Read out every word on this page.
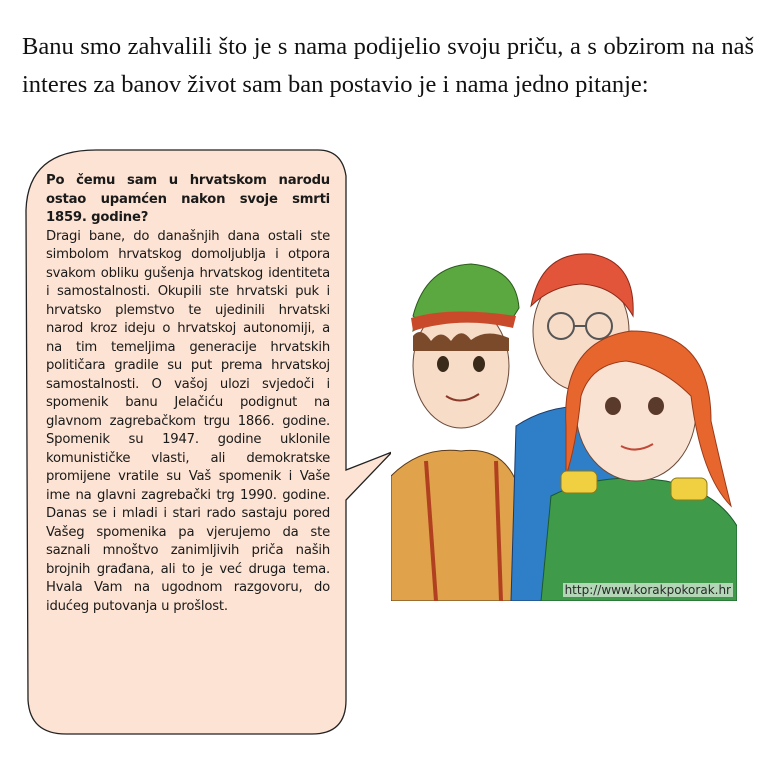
Banu smo zahvalili što je s nama podijelio svoju priču, a s obzirom na naš interes za banov život sam ban postavio je i nama jedno pitanje:
Po čemu sam u hrvatskom narodu ostao upamćen nakon svoje smrti 1859. godine?
Dragi bane, do današnjih dana ostali ste simbolom hrvatskog domoljublja i otpora svakom obliku gušenja hrvatskog identiteta i samostalnosti. Okupili ste hrvatski puk i hrvatsko plemstvo te ujedinili hrvatski narod kroz ideju o hrvatskoj autonomiji, a na tim temeljima generacije hrvatskih političara gradile su put prema hrvatskoj samostalnosti. O vašoj ulozi svjedoči i spomenik banu Jelačiću podignut na glavnom zagrebačkom trgu 1866. godine. Spomenik su 1947. godine uklonile komunističke vlasti, ali demokratske promijene vratile su Vaš spomenik i Vaše ime na glavni zagrebački trg 1990. godine. Danas se i mladi i stari rado sastaju pored Vašeg spomenika pa vjerujemo da ste saznali mnoštvo zanimljivih priča naših brojnih građana, ali to je već druga tema. Hvala Vam na ugodnom razgovoru, do idućeg putovanja u prošlost.
http://www.korakpokorak.hr
